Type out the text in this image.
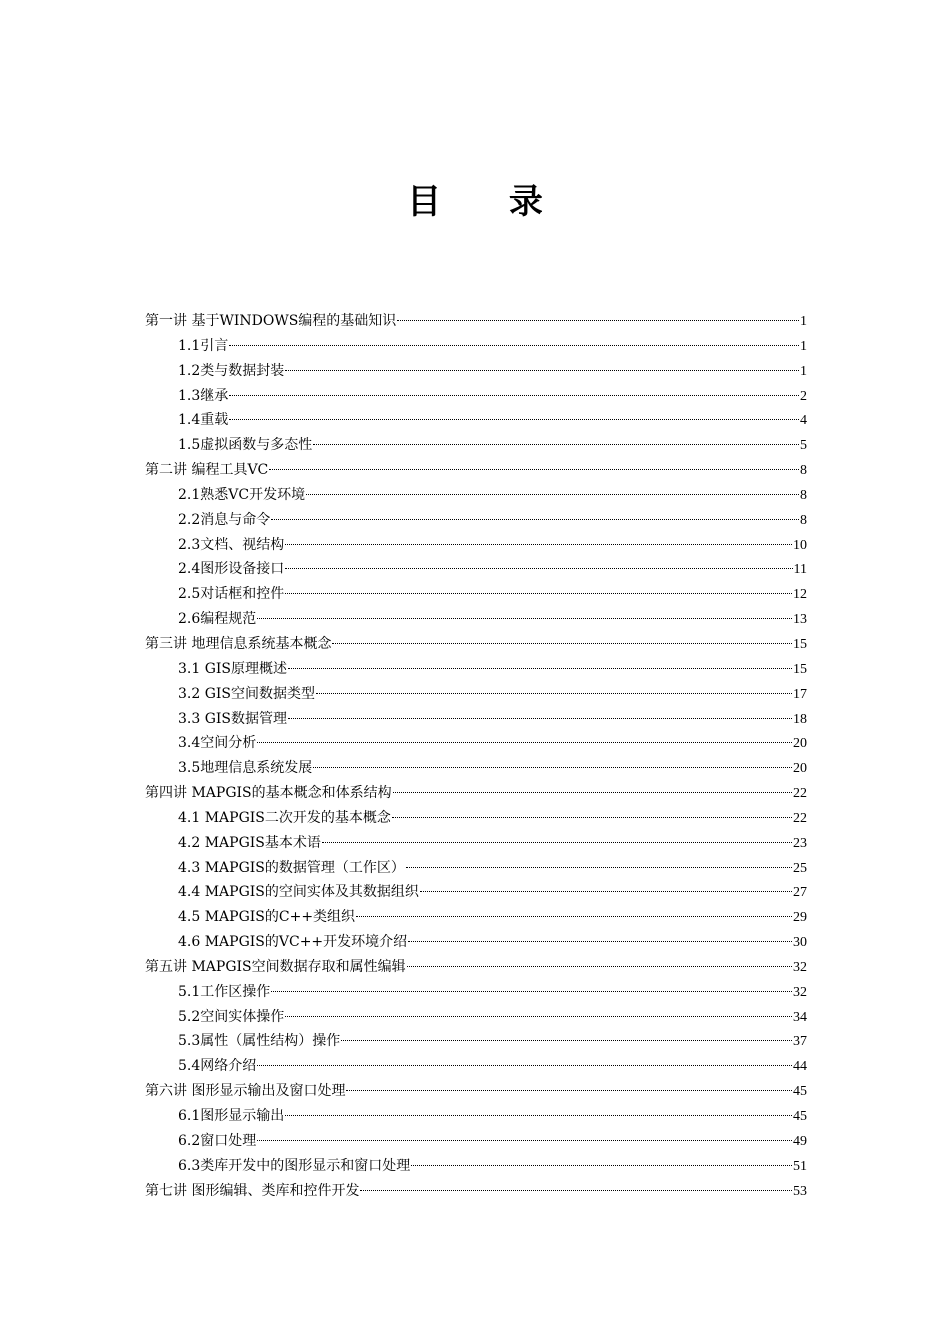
目 录
第一讲 基于WINDOWS编程的基础知识	1
1.1引言	1
1.2类与数据封装	1
1.3继承	2
1.4重载	4
1.5虚拟函数与多态性	5
第二讲 编程工具VC	8
2.1熟悉VC开发环境	8
2.2消息与命令	8
2.3文档、视结构	10
2.4图形设备接口	11
2.5对话框和控件	12
2.6编程规范	13
第三讲 地理信息系统基本概念	15
3.1 GIS原理概述	15
3.2 GIS空间数据类型	17
3.3 GIS数据管理	18
3.4空间分析	20
3.5地理信息系统发展	20
第四讲 MAPGIS的基本概念和体系结构	22
4.1 MAPGIS二次开发的基本概念	22
4.2 MAPGIS基本术语	23
4.3 MAPGIS的数据管理（工作区）	25
4.4 MAPGIS的空间实体及其数据组织	27
4.5 MAPGIS的C++类组织	29
4.6 MAPGIS的VC++开发环境介绍	30
第五讲 MAPGIS空间数据存取和属性编辑	32
5.1工作区操作	32
5.2空间实体操作	34
5.3属性（属性结构）操作	37
5.4网络介绍	44
第六讲 图形显示输出及窗口处理	45
6.1图形显示输出	45
6.2窗口处理	49
6.3类库开发中的图形显示和窗口处理	51
第七讲 图形编辑、类库和控件开发	53
